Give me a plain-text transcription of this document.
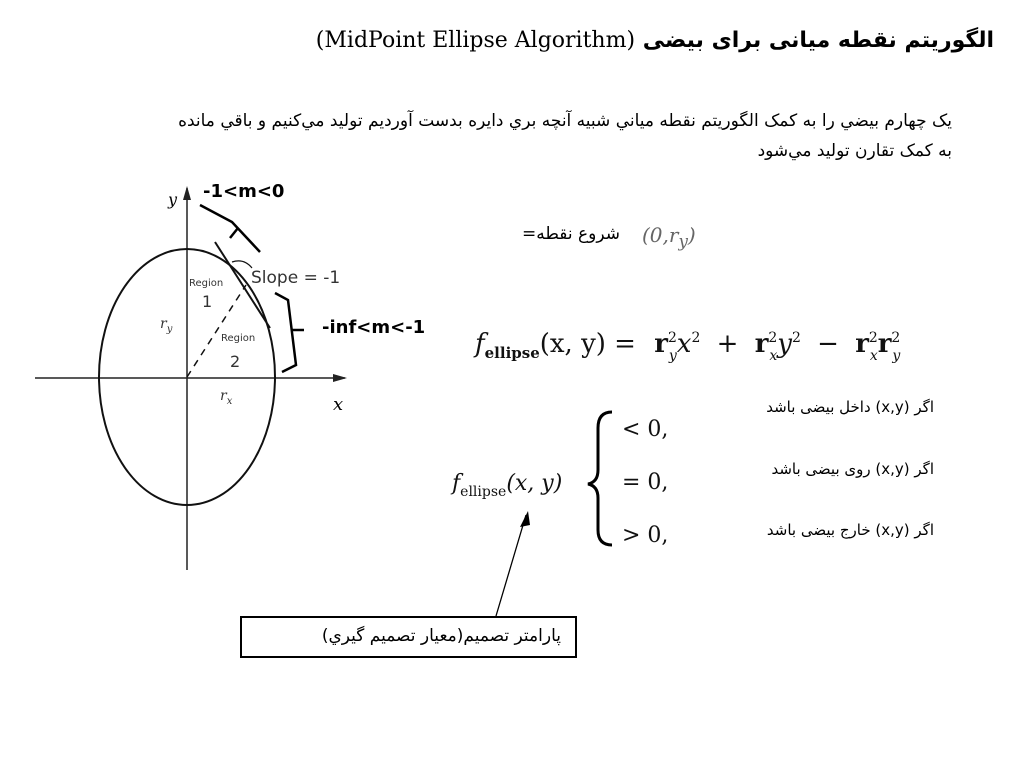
الگوريتم نقطه ميانی برای بيضی (MidPoint Ellipse Algorithm)
یک چهارم بيضي را به كمک الگوريتم نقطه مياني شبيه آنچه بري دايره بدست آورديم توليد مي‌کنيم و باقي مانده
به كمک تقارن توليد مي‌شود
y
x
Region
1
Region
2
Slope = -1
$r_y$
$r_x$
-1<m<0
-inf<m<-1
$f_{ellipse}(x$, $y) = r^2$ $yx^2 + r^2$ $xy^2 - r^2$ $xr^2$ y
$f_{ellipse}(x$, y)
< 0,
= 0,
> 0,
شروع نقطه= $(0,r_y)$
اگر (x,y) داخل بيضی باشد
اگر (x,y) روی بيضی باشد
اگر (x,y) خارج بيضی باشد
پارامتر تصميم(معيار تصميم گيري)
